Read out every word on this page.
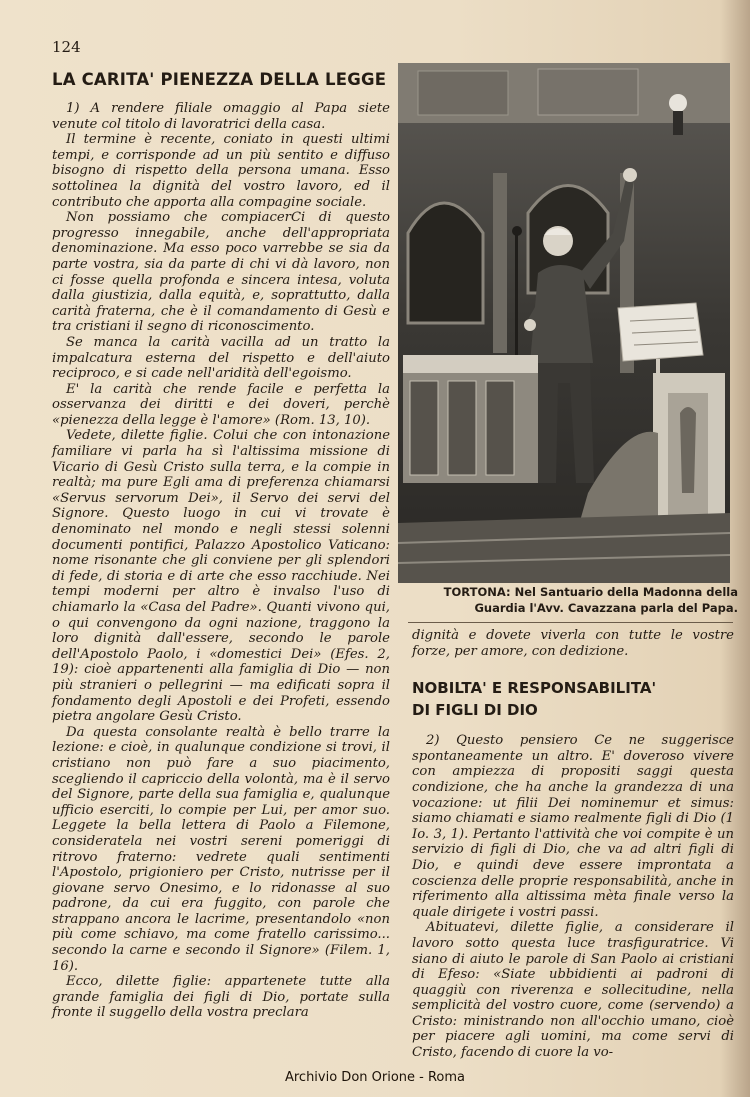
124
LA CARITA' PIENEZZA DELLA LEGGE

1) A rendere filiale omaggio al Papa siete venute col titolo di lavoratrici della casa.

Il termine è recente, coniato in questi ultimi tempi, e corrisponde ad un più sentito e diffuso bisogno di rispetto della persona umana. Esso sottolinea la dignità del vostro lavoro, ed il contributo che apporta alla compagine sociale.

Non possiamo che compiacerCi di questo progresso innegabile, anche dell'appropriata denominazione. Ma esso poco varrebbe se sia da parte vostra, sia da parte di chi vi dà lavoro, non ci fosse quella profonda e sincera intesa, voluta dalla giustizia, dalla equità, e, soprattutto, dalla carità fraterna, che è il comandamento di Gesù e tra cristiani il segno di riconoscimento.

Se manca la carità vacilla ad un tratto la impalcatura esterna del rispetto e dell'aiuto reciproco, e si cade nell'aridità dell'egoismo.

E' la carità che rende facile e perfetta la osservanza dei diritti e dei doveri, perchè «pienezza della legge è l'amore» (Rom. 13, 10).

Vedete, dilette figlie. Colui che con intonazione familiare vi parla ha sì l'altissima missione di Vicario di Gesù Cristo sulla terra, e la compie in realtà; ma pure Egli ama di preferenza chiamarsi «Servus servorum Dei», il Servo dei servi del Signore. Questo luogo in cui vi trovate è denominato nel mondo e negli stessi solenni documenti pontifici, Palazzo Apostolico Vaticano: nome risonante che gli conviene per gli splendori di fede, di storia e di arte che esso racchiude. Nei tempi moderni per altro è invalso l'uso di chiamarlo la «Casa del Padre». Quanti vivono qui, o qui convengono da ogni nazione, traggono la loro dignità dall'essere, secondo le parole dell'Apostolo Paolo, i «domestici Dei» (Efes. 2, 19): cioè appartenenti alla famiglia di Dio — non più stranieri o pellegrini — ma edificati sopra il fondamento degli Apostoli e dei Profeti, essendo pietra angolare Gesù Cristo.

Da questa consolante realtà è bello trarre la lezione: e cioè, in qualunque condizione si trovi, il cristiano non può fare a suo piacimento, scegliendo il capriccio della volontà, ma è il servo del Signore, parte della sua famiglia e, qualunque ufficio eserciti, lo compie per Lui, per amor suo. Leggete la bella lettera di Paolo a Filemone, consideratela nei vostri sereni pomeriggi di ritrovo fraterno: vedrete quali sentimenti l'Apostolo, prigioniero per Cristo, nutrisse per il giovane servo Onesimo, e lo ridonasse al suo padrone, da cui era fuggito, con parole che strappano ancora le lacrime, presentandolo «non più come schiavo, ma come fratello carissimo... secondo la carne e secondo il Signore» (Filem. 1, 16).

Ecco, dilette figlie: appartenete tutte alla grande famiglia dei figli di Dio, portate sulla fronte il suggello della vostra preclara

TORTONA: Nel Santuario della Madonna della Guardia l'Avv. Cavazzana parla del Papa.

dignità e dovete viverla con tutte le vostre forze, per amore, con dedizione.

NOBILTA' E RESPONSABILITA'
DI FIGLI DI DIO

2) Questo pensiero Ce ne suggerisce spontaneamente un altro. E' doveroso vivere con ampiezza di propositi saggi questa condizione, che ha anche la grandezza di una vocazione: ut filii Dei nominemur et simus: siamo chiamati e siamo realmente figli di Dio (1 Io. 3, 1). Pertanto l'attività che voi compite è un servizio di figli di Dio, che va ad altri figli di Dio, e quindi deve essere improntata a coscienza delle proprie responsabilità, anche in riferimento alla altissima mèta finale verso la quale dirigete i vostri passi.

Abituatevi, dilette figlie, a considerare il lavoro sotto questa luce trasfiguratrice. Vi siano di aiuto le parole di San Paolo ai cristiani di Efeso: «Siate ubbidienti ai padroni di quaggiù con riverenza e sollecitudine, nella semplicità del vostro cuore, come (servendo) a Cristo: ministrando non all'occhio umano, cioè per piacere agli uomini, ma come servi di Cristo, facendo di cuore la vo-

Archivio Don Orione - Roma
